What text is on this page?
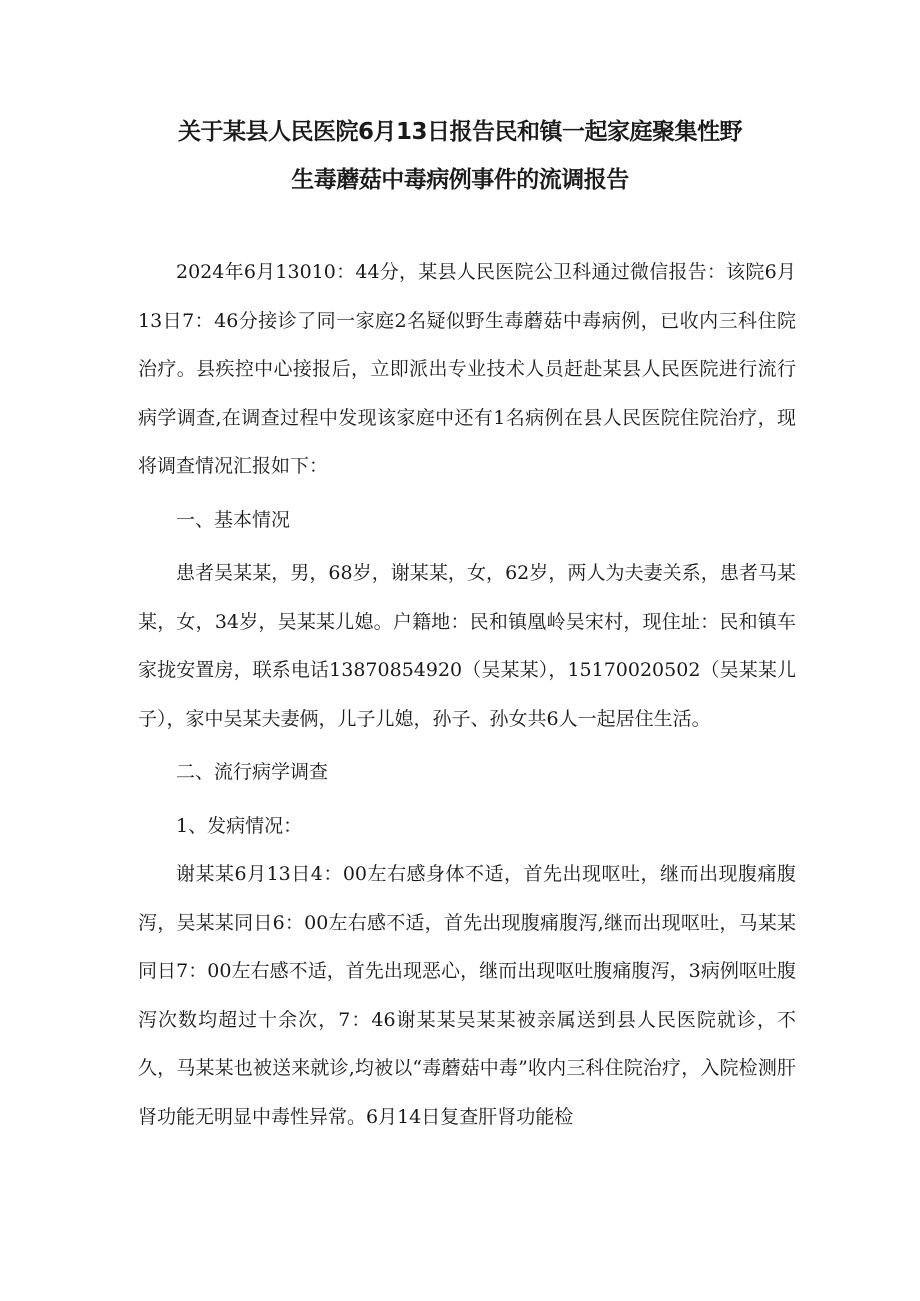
关于某县人民医院6月13日报告民和镇一起家庭聚集性野
生毒蘑菇中毒病例事件的流调报告

2024年6月13010：44分，某县人民医院公卫科通过微信报告：该院6月13日7：46分接诊了同一家庭2名疑似野生毒蘑菇中毒病例，已收内三科住院治疗。县疾控中心接报后，立即派出专业技术人员赶赴某县人民医院进行流行病学调查,在调查过程中发现该家庭中还有1名病例在县人民医院住院治疗，现将调查情况汇报如下：

一、基本情况

患者吴某某，男，68岁，谢某某，女，62岁，两人为夫妻关系，患者马某某，女，34岁，吴某某儿媳。户籍地：民和镇凰岭吴宋村，现住址：民和镇车家拢安置房，联系电话13870854920（吴某某），15170020502（吴某某儿子），家中吴某夫妻俩，儿子儿媳，孙子、孙女共6人一起居住生活。

二、流行病学调查

1、发病情况：

谢某某6月13日4：00左右感身体不适，首先出现呕吐，继而出现腹痛腹泻，吴某某同日6：00左右感不适，首先出现腹痛腹泻,继而出现呕吐，马某某同日7：00左右感不适，首先出现恶心，继而出现呕吐腹痛腹泻，3病例呕吐腹泻次数均超过十余次，7：46谢某某吴某某被亲属送到县人民医院就诊，不久，马某某也被送来就诊,均被以“毒蘑菇中毒”收内三科住院治疗，入院检测肝肾功能无明显中毒性异常。6月14日复查肝肾功能检
